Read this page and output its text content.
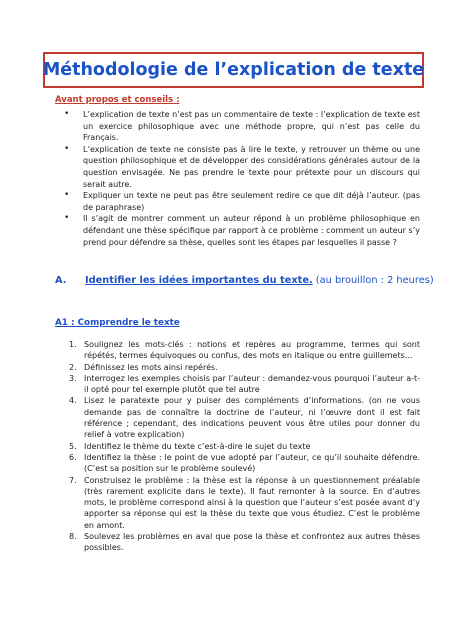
Méthodologie de l’explication de texte
Avant propos et conseils :
• L’explication de texte n’est pas un commentaire de texte : l’explication de texte est un exercice philosophique avec une méthode propre, qui n’est pas celle du Français.
• L’explication de texte ne consiste pas à lire le texte, y retrouver un thème ou une question philosophique et de développer des considérations générales autour de la question envisagée. Ne pas prendre le texte pour prétexte pour un discours qui serait autre.
• Expliquer un texte ne peut pas être seulement redire ce que dit déjà l’auteur. (pas de paraphrase)
• Il s’agit de montrer comment un auteur répond à un problème philosophique en défendant une thèse spécifique par rapport à ce problème : comment un auteur s’y prend pour défendre sa thèse, quelles sont les étapes par lesquelles il passe ?
A. Identifier les idées importantes du texte. (au brouillon : 2 heures)
A1 : Comprendre le texte
1. Soulignez les mots-clés : notions et repères au programme, termes qui sont répétés, termes équivoques ou confus, des mots en italique ou entre guillemets...
2. Définissez les mots ainsi repérés.
3. Interrogez les exemples choisis par l’auteur : demandez-vous pourquoi l’auteur a-t-il opté pour tel exemple plutôt que tel autre
4. Lisez le paratexte pour y puiser des compléments d’informations. (on ne vous demande pas de connaître la doctrine de l’auteur, ni l’œuvre dont il est fait référence ; cependant, des indications peuvent vous être utiles pour donner du relief à votre explication)
5. Identifiez le thème du texte c’est-à-dire le sujet du texte
6. Identifiez la thèse : le point de vue adopté par l’auteur, ce qu’il souhaite défendre. (C’est sa position sur le problème soulevé)
7. Construisez le problème : la thèse est la réponse à un questionnement préalable (très rarement explicite dans le texte). Il faut remonter à la source. En d’autres mots, le problème correspond ainsi à la question que l’auteur s’est posée avant d’y apporter sa réponse qui est la thèse du texte que vous étudiez. C’est le problème en amont.
8. Soulevez les problèmes en aval que pose la thèse et confrontez aux autres thèses possibles.
